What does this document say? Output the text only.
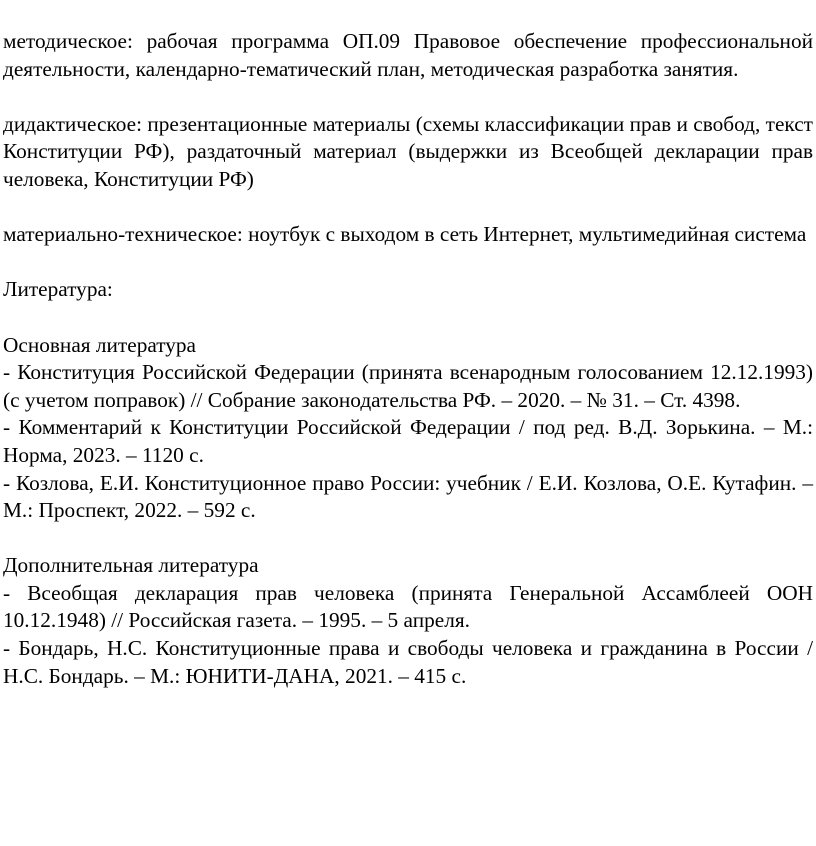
методическое: рабочая программа ОП.09 Правовое обеспечение профессиональной деятельности, календарно-тематический план, методическая разработка занятия.

дидактическое: презентационные материалы (схемы классификации прав и свобод, текст Конституции РФ), раздаточный материал (выдержки из Всеобщей декларации прав человека, Конституции РФ)

материально-техническое: ноутбук с выходом в сеть Интернет, мультимедийная система

Литература:

Основная литература

- Конституция Российской Федерации (принята всенародным голосованием 12.12.1993) (с учетом поправок) // Собрание законодательства РФ. – 2020. – № 31. – Ст. 4398.

- Комментарий к Конституции Российской Федерации / под ред. В.Д. Зорькина. – М.: Норма, 2023. – 1120 с.

- Козлова, Е.И. Конституционное право России: учебник / Е.И. Козлова, О.Е. Кутафин. – М.: Проспект, 2022. – 592 с.

Дополнительная литература

- Всеобщая декларация прав человека (принята Генеральной Ассамблеей ООН 10.12.1948) // Российская газета. – 1995. – 5 апреля.

- Бондарь, Н.С. Конституционные права и свободы человека и гражданина в России / Н.С. Бондарь. – М.: ЮНИТИ-ДАНА, 2021. – 415 с.
